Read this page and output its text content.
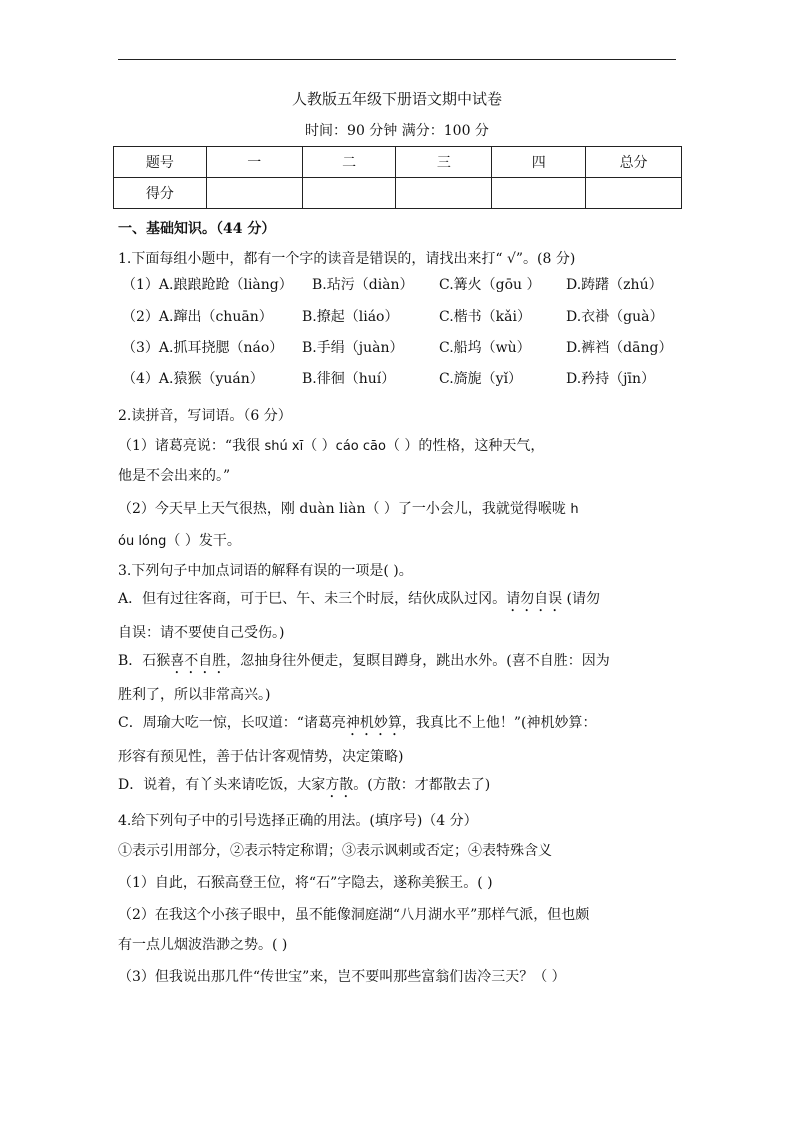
人教版五年级下册语文期中试卷
时间：90 分钟 满分：100 分
题号	一	二	三	四	总分
得分					
一、基础知识。（44 分）
1.下面每组小题中，都有一个字的读音是错误的，请找出来打“ √”。(8 分)
（1）A.踉踉跄跄（liàng） B.玷污（diàn） C.篝火（gōu ） D.踌躇（zhú）
（2）A.蹿出（chuān） B.撩起（liáo）	C.楷书（kǎi）	D.衣褂（guà）
（3）A.抓耳挠腮（náo） B.手绢（juàn）	C.船坞（wù）	D.裤裆（dāng）
（4）A.猿猴（yuán）	B.徘徊（huí）	C.旖旎（yǐ）	D.矜持（jīn）
2.读拼音，写词语。（6 分）
（1）诸葛亮说：“我很 shú xī（ ）cáo cāo（ ）的性格，这种天气，
他是不会出来的。”
（2）今天早上天气很热，刚 duàn liàn（ ）了一小会儿，我就觉得喉咙 h
óu lóng（ ）发干。
3.下列句子中加点词语的解释有误的一项是( )。
A．但有过往客商，可于巳、午、未三个时辰，结伙成队过冈。请勿自误 (请勿
自误：请不要使自己受伤。)
B．石猴喜不自胜，忽抽身往外便走，复瞑目蹲身，跳出水外。(喜不自胜：因为
胜利了，所以非常高兴。)
C．周瑜大吃一惊，长叹道：“诸葛亮神机妙算，我真比不上他！”(神机妙算：
形容有预见性，善于估计客观情势，决定策略)
D．说着，有丫头来请吃饭，大家方散。(方散：才都散去了)
4.给下列句子中的引号选择正确的用法。(填序号)（4 分）
①表示引用部分，②表示特定称谓；③表示讽刺或否定；④表特殊含义
（1）自此，石猴高登王位，将“石”字隐去，遂称美猴王。( )
（2）在我这个小孩子眼中，虽不能像洞庭湖“八月湖水平”那样气派，但也颇
有一点儿烟波浩渺之势。( )
（3）但我说出那几件“传世宝”来，岂不要叫那些富翁们齿冷三天？（ ）
